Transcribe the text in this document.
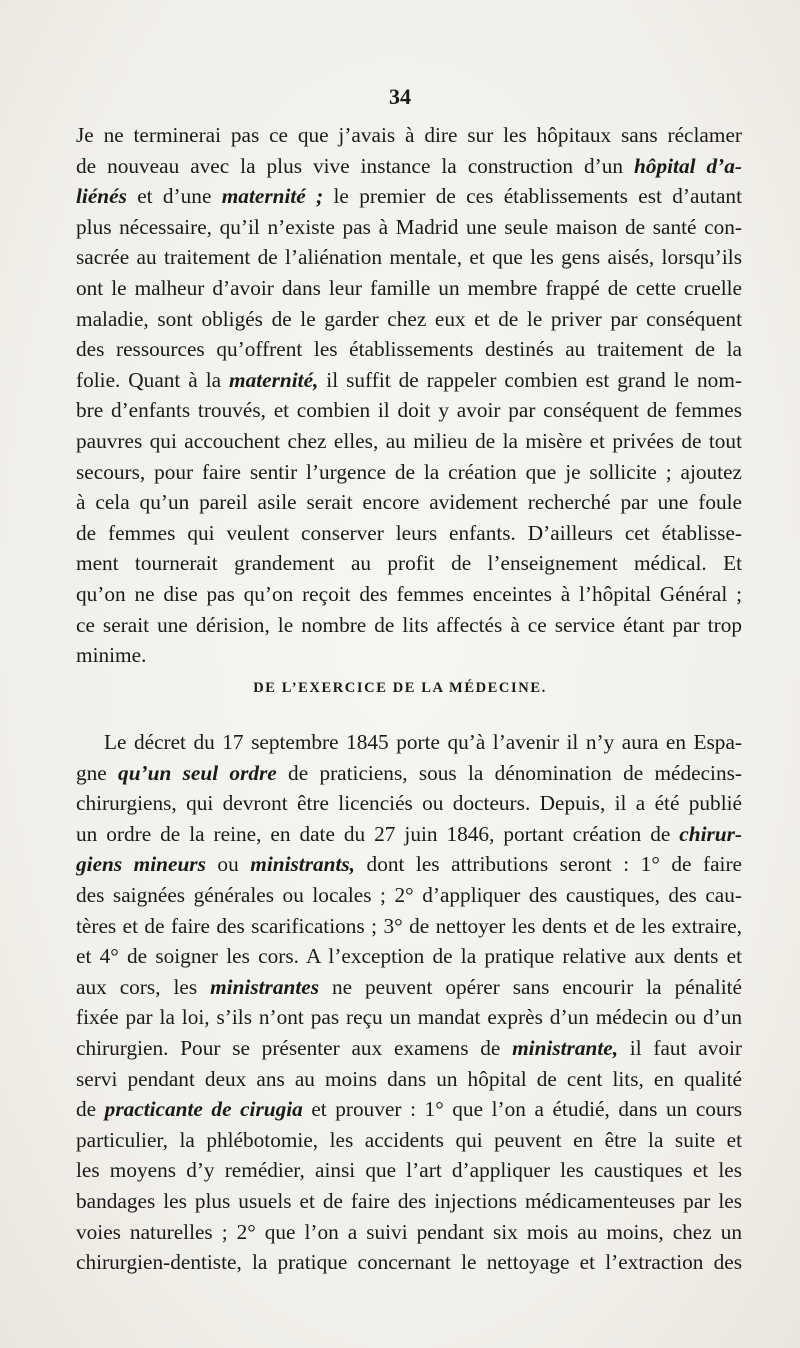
34
Je ne terminerai pas ce que j’avais à dire sur les hôpitaux sans réclamer
de nouveau avec la plus vive instance la construction d’un hôpital d’a-
liénés et d’une maternité ; le premier de ces établissements est d’autant
plus nécessaire, qu’il n’existe pas à Madrid une seule maison de santé con-
sacrée au traitement de l’aliénation mentale, et que les gens aisés, lorsqu’ils
ont le malheur d’avoir dans leur famille un membre frappé de cette cruelle
maladie, sont obligés de le garder chez eux et de le priver par conséquent
des ressources qu’offrent les établissements destinés au traitement de la
folie. Quant à la maternité, il suffit de rappeler combien est grand le nom-
bre d’enfants trouvés, et combien il doit y avoir par conséquent de femmes
pauvres qui accouchent chez elles, au milieu de la misère et privées de tout
secours, pour faire sentir l’urgence de la création que je sollicite ; ajoutez
à cela qu’un pareil asile serait encore avidement recherché par une foule
de femmes qui veulent conserver leurs enfants. D’ailleurs cet établisse-
ment tournerait grandement au profit de l’enseignement médical. Et
qu’on ne dise pas qu’on reçoit des femmes enceintes à l’hôpital Général ;
ce serait une dérision, le nombre de lits affectés à ce service étant par trop
minime.
DE L’EXERCICE DE LA MÉDECINE.
Le décret du 17 septembre 1845 porte qu’à l’avenir il n’y aura en Espa-
gne qu’un seul ordre de praticiens, sous la dénomination de médecins-
chirurgiens, qui devront être licenciés ou docteurs. Depuis, il a été publié
un ordre de la reine, en date du 27 juin 1846, portant création de chirur-
giens mineurs ou ministrants, dont les attributions seront : 1° de faire
des saignées générales ou locales ; 2° d’appliquer des caustiques, des cau-
tères et de faire des scarifications ; 3° de nettoyer les dents et de les extraire,
et 4° de soigner les cors. A l’exception de la pratique relative aux dents et
aux cors, les ministrantes ne peuvent opérer sans encourir la pénalité
fixée par la loi, s’ils n’ont pas reçu un mandat exprès d’un médecin ou d’un
chirurgien. Pour se présenter aux examens de ministrante, il faut avoir
servi pendant deux ans au moins dans un hôpital de cent lits, en qualité
de practicante de cirugia et prouver : 1° que l’on a étudié, dans un cours
particulier, la phlébotomie, les accidents qui peuvent en être la suite et
les moyens d’y remédier, ainsi que l’art d’appliquer les caustiques et les
bandages les plus usuels et de faire des injections médicamenteuses par les
voies naturelles ; 2° que l’on a suivi pendant six mois au moins, chez un
chirurgien-dentiste, la pratique concernant le nettoyage et l’extraction des
